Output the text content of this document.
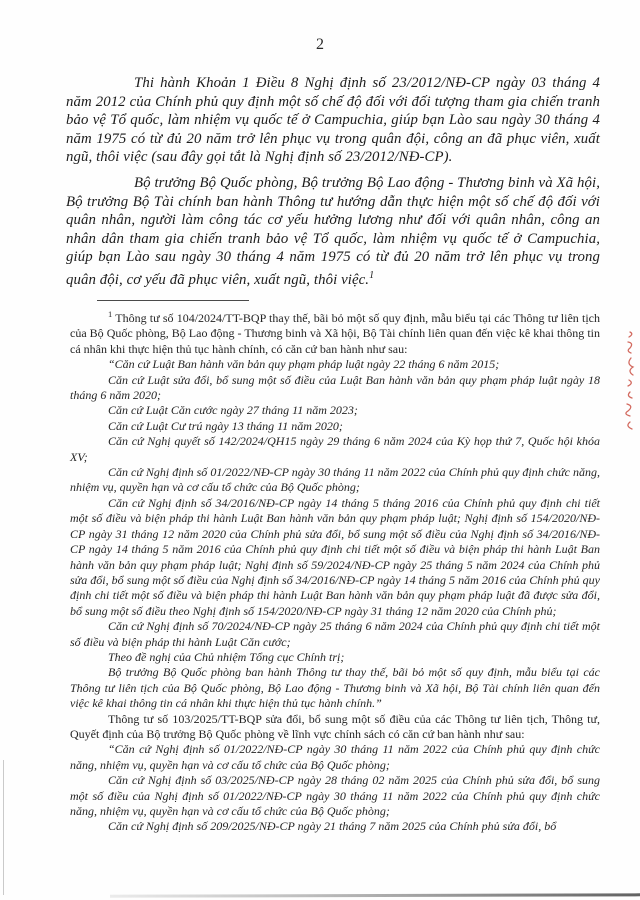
2

Thi hành Khoản 1 Điều 8 Nghị định số 23/2012/NĐ-CP ngày 03 tháng 4 năm 2012 của Chính phủ quy định một số chế độ đối với đối tượng tham gia chiến tranh bảo vệ Tổ quốc, làm nhiệm vụ quốc tế ở Campuchia, giúp bạn Lào sau ngày 30 tháng 4 năm 1975 có từ đủ 20 năm trở lên phục vụ trong quân đội, công an đã phục viên, xuất ngũ, thôi việc (sau đây gọi tắt là Nghị định số 23/2012/NĐ-CP).

Bộ trưởng Bộ Quốc phòng, Bộ trưởng Bộ Lao động - Thương binh và Xã hội, Bộ trưởng Bộ Tài chính ban hành Thông tư hướng dẫn thực hiện một số chế độ đối với quân nhân, người làm công tác cơ yếu hưởng lương như đối với quân nhân, công an nhân dân tham gia chiến tranh bảo vệ Tổ quốc, làm nhiệm vụ quốc tế ở Campuchia, giúp bạn Lào sau ngày 30 tháng 4 năm 1975 có từ đủ 20 năm trở lên phục vụ trong quân đội, cơ yếu đã phục viên, xuất ngũ, thôi việc.$^1$

$^1$ Thông tư số 104/2024/TT-BQP thay thế, bãi bỏ một số quy định, mẫu biểu tại các Thông tư liên tịch của Bộ Quốc phòng, Bộ Lao động - Thương binh và Xã hội, Bộ Tài chính liên quan đến việc kê khai thông tin cá nhân khi thực hiện thủ tục hành chính, có căn cứ ban hành như sau:

“Căn cứ Luật Ban hành văn bản quy phạm pháp luật ngày 22 tháng 6 năm 2015;

Căn cứ Luật sửa đổi, bổ sung một số điều của Luật Ban hành văn bản quy phạm pháp luật ngày 18 tháng 6 năm 2020;

Căn cứ Luật Căn cước ngày 27 tháng 11 năm 2023;

Căn cứ Luật Cư trú ngày 13 tháng 11 năm 2020;

Căn cứ Nghị quyết số 142/2024/QH15 ngày 29 tháng 6 năm 2024 của Kỳ họp thứ 7, Quốc hội khóa XV;

Căn cứ Nghị định số 01/2022/NĐ-CP ngày 30 tháng 11 năm 2022 của Chính phủ quy định chức năng, nhiệm vụ, quyền hạn và cơ cấu tổ chức của Bộ Quốc phòng;

Căn cứ Nghị định số 34/2016/NĐ-CP ngày 14 tháng 5 tháng 2016 của Chính phủ quy định chi tiết một số điều và biện pháp thi hành Luật Ban hành văn bản quy phạm pháp luật; Nghị định số 154/2020/NĐ- CP ngày 31 tháng 12 năm 2020 của Chính phủ sửa đổi, bổ sung một số điều của Nghị định số 34/2016/NĐ-CP ngày 14 tháng 5 năm 2016 của Chính phủ quy định chi tiết một số điều và biện pháp thi hành Luật Ban hành văn bản quy phạm pháp luật; Nghị định số 59/2024/NĐ-CP ngày 25 tháng 5 năm 2024 của Chính phủ sửa đổi, bổ sung một số điều của Nghị định số 34/2016/NĐ-CP ngày 14 tháng 5 năm 2016 của Chính phủ quy định chi tiết một số điều và biện pháp thi hành Luật Ban hành văn bản quy phạm pháp luật đã được sửa đổi, bổ sung một số điều theo Nghị định số 154/2020/NĐ-CP ngày 31 tháng 12 năm 2020 của Chính phủ;

Căn cứ Nghị định số 70/2024/NĐ-CP ngày 25 tháng 6 năm 2024 của Chính phủ quy định chi tiết một số điều và biện pháp thi hành Luật Căn cước;

Theo đề nghị của Chủ nhiệm Tổng cục Chính trị;

Bộ trưởng Bộ Quốc phòng ban hành Thông tư thay thế, bãi bỏ một số quy định, mẫu biểu tại các Thông tư liên tịch của Bộ Quốc phòng, Bộ Lao động - Thương binh và Xã hội, Bộ Tài chính liên quan đến việc kê khai thông tin cá nhân khi thực hiện thủ tục hành chính.”

Thông tư số 103/2025/TT-BQP sửa đổi, bổ sung một số điều của các Thông tư liên tịch, Thông tư, Quyết định của Bộ trưởng Bộ Quốc phòng về lĩnh vực chính sách có căn cứ ban hành như sau:

“Căn cứ Nghị định số 01/2022/NĐ-CP ngày 30 tháng 11 năm 2022 của Chính phủ quy định chức năng, nhiệm vụ, quyền hạn và cơ cấu tổ chức của Bộ Quốc phòng;

Căn cứ Nghị định số 03/2025/NĐ-CP ngày 28 tháng 02 năm 2025 của Chính phủ sửa đổi, bổ sung một số điều của Nghị định số 01/2022/NĐ-CP ngày 30 tháng 11 năm 2022 của Chính phủ quy định chức năng, nhiệm vụ, quyền hạn và cơ cấu tổ chức của Bộ Quốc phòng;

Căn cứ Nghị định số 209/2025/NĐ-CP ngày 21 tháng 7 năm 2025 của Chính phủ sửa đổi, bổ
